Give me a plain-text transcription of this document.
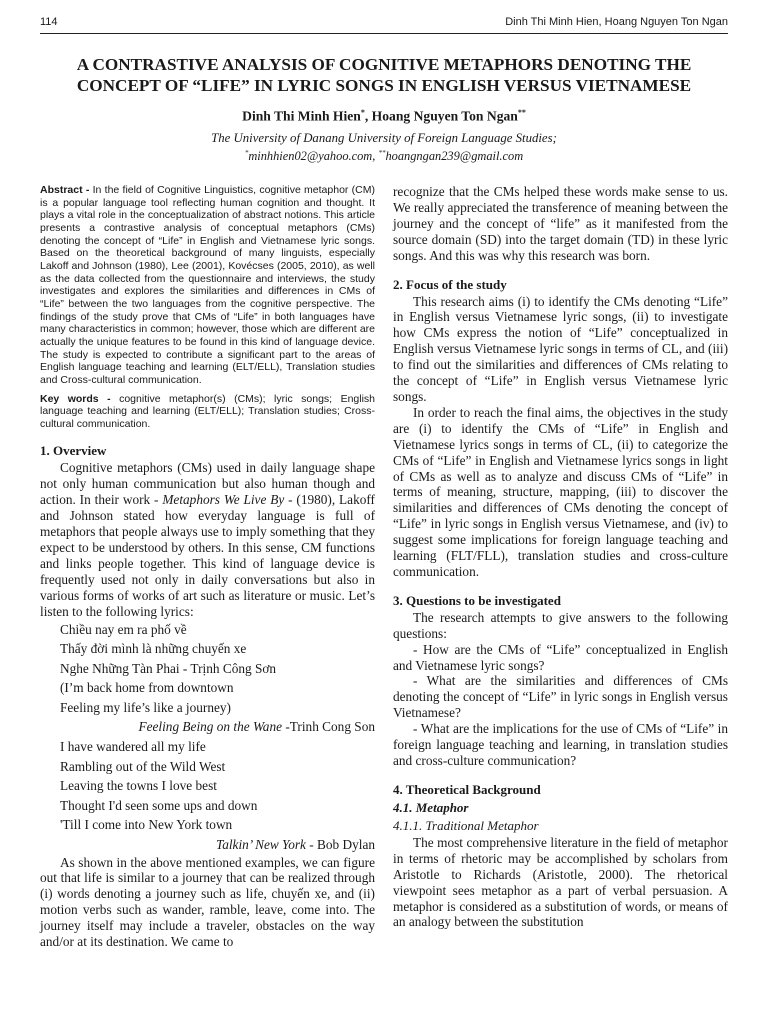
114	Dinh Thi Minh Hien, Hoang Nguyen Ton Ngan
A CONTRASTIVE ANALYSIS OF COGNITIVE METAPHORS DENOTING THE CONCEPT OF “LIFE” IN LYRIC SONGS IN ENGLISH VERSUS VIETNAMESE
Dinh Thi Minh Hien*, Hoang Nguyen Ton Ngan**
The University of Danang University of Foreign Language Studies;
*minhhien02@yahoo.com, **hoangngan239@gmail.com
Abstract - In the field of Cognitive Linguistics, cognitive metaphor (CM) is a popular language tool reflecting human cognition and thought. It plays a vital role in the conceptualization of abstract notions. This article presents a contrastive analysis of conceptual metaphors (CMs) denoting the concept of “Life” in English and Vietnamese lyric songs. Based on the theoretical background of many linguists, especially Lakoff and Johnson (1980), Lee (2001), Kovécses (2005, 2010), as well as the data collected from the questionnaire and interviews, the study investigates and explores the similarities and differences in CMs of “Life” between the two languages from the cognitive perspective. The findings of the study prove that CMs of “Life” in both languages have many characteristics in common; however, those which are different are actually the unique features to be found in this kind of language device. The study is expected to contribute a significant part to the areas of English language teaching and learning (ELT/ELL), Translation studies and Cross-cultural communication.
Key words - cognitive metaphor(s) (CMs); lyric songs; English language teaching and learning (ELT/ELL); Translation studies; Cross-cultural communication.
1. Overview
Cognitive metaphors (CMs) used in daily language shape not only human communication but also human though and action. In their work - Metaphors We Live By - (1980), Lakoff and Johnson stated how everyday language is full of metaphors that people always use to imply something that they expect to be understood by others. In this sense, CM functions and links people together. This kind of language device is frequently used not only in daily conversations but also in various forms of works of art such as literature or music. Let’s listen to the following lyrics:
Chiều nay em ra phố về
Thấy đời mình là những chuyến xe
Nghe Những Tàn Phai - Trịnh Công Sơn
(I’m back home from downtown
Feeling my life’s like a journey)
Feeling Being on the Wane -Trinh Cong Son
I have wandered all my life
Rambling out of the Wild West
Leaving the towns I love best
Thought I'd seen some ups and down
'Till I come into New York town
Talkin’ New York - Bob Dylan
As shown in the above mentioned examples, we can figure out that life is similar to a journey that can be realized through (i) words denoting a journey such as life, chuyến xe, and (ii) motion verbs such as wander, ramble, leave, come into. The journey itself may include a traveler, obstacles on the way and/or at its destination. We came to
recognize that the CMs helped these words make sense to us. We really appreciated the transference of meaning between the journey and the concept of “life” as it manifested from the source domain (SD) into the target domain (TD) in these lyric songs. And this was why this research was born.
2. Focus of the study
This research aims (i) to identify the CMs denoting “Life” in English versus Vietnamese lyric songs, (ii) to investigate how CMs express the notion of “Life” conceptualized in English versus Vietnamese lyric songs in terms of CL, and (iii) to find out the similarities and differences of CMs relating to the concept of “Life” in English versus Vietnamese lyric songs.
In order to reach the final aims, the objectives in the study are (i) to identify the CMs of “Life” in English and Vietnamese lyrics songs in terms of CL, (ii) to categorize the CMs of “Life” in English and Vietnamese lyrics songs in light of CMs as well as to analyze and discuss CMs of “Life” in terms of meaning, structure, mapping, (iii) to discover the similarities and differences of CMs denoting the concept of “Life” in lyric songs in English versus Vietnamese, and (iv) to suggest some implications for foreign language teaching and learning (FLT/FLL), translation studies and cross-culture communication.
3. Questions to be investigated
The research attempts to give answers to the following questions:
- How are the CMs of “Life” conceptualized in English and Vietnamese lyric songs?
- What are the similarities and differences of CMs denoting the concept of “Life” in lyric songs in English versus Vietnamese?
- What are the implications for the use of CMs of “Life” in foreign language teaching and learning, in translation studies and cross-culture communication?
4. Theoretical Background
4.1. Metaphor
4.1.1. Traditional Metaphor
The most comprehensive literature in the field of metaphor in terms of rhetoric may be accomplished by scholars from Aristotle to Richards (Aristotle, 2000). The rhetorical viewpoint sees metaphor as a part of verbal persuasion. A metaphor is considered as a substitution of words, or means of an analogy between the substitution
